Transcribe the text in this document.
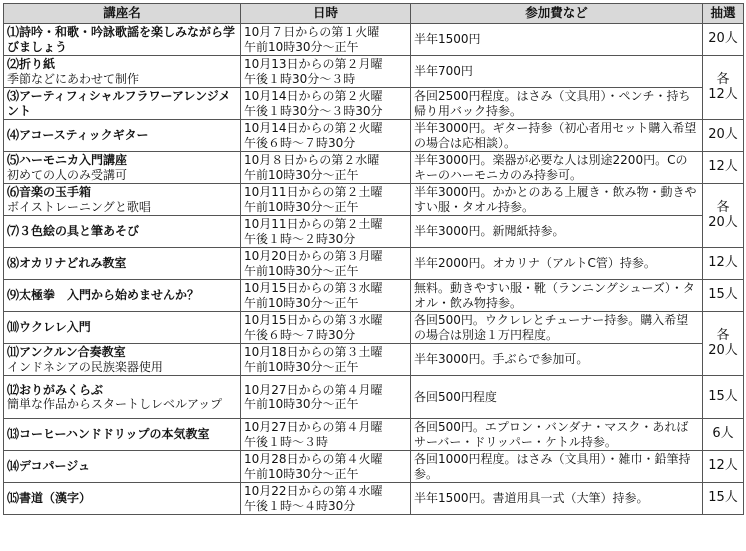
講座名	日時	参加費など	抽選

⑴詩吟・和歌・吟詠歌謡を楽しみながら学びましょう	10月７日からの第１火曜
午前10時30分～正午	半年1500円	20人

⑵折り紙
季節などにあわせて制作	10月13日からの第２月曜
午後１時30分～３時	半年700円	各
12人

⑶アーティフィシャルフラワーアレンジメント	10月14日からの第２火曜
午後１時30分～３時30分	各回2500円程度。はさみ（文具用）・ペンチ・持ち帰り用バック持参。	

⑷アコースティックギター	10月14日からの第２火曜
午後６時～７時30分	半年3000円。ギター持参（初心者用セット購入希望の場合は応相談）。	20人

⑸ハーモニカ入門講座
初めての人のみ受講可	10月８日からの第２水曜
午前10時30分～正午	半年3000円。楽器が必要な人は別途2200円。Cのキーのハーモニカのみ持参可。	12人

⑹音楽の玉手箱
ボイストレーニングと歌唱	10月11日からの第２土曜
午前10時30分～正午	半年3000円。かかとのある上履き・飲み物・動きやすい服・タオル持参。	各
20人

⑺３色絵の具と筆あそび	10月11日からの第２土曜
午後１時～２時30分	半年3000円。新聞紙持参。	

⑻オカリナどれみ教室	10月20日からの第３月曜
午前10時30分～正午	半年2000円。オカリナ（アルトC管）持参。	12人

⑼太極拳　入門から始めませんか？	10月15日からの第３水曜
午前10時30分～正午	無料。動きやすい服・靴（ランニングシューズ）・タオル・飲み物持参。	15人

⑽ウクレレ入門	10月15日からの第３水曜
午後６時～７時30分	各回500円。ウクレレとチューナー持参。購入希望の場合は別途１万円程度。	各
20人

⑾アンクルン合奏教室
インドネシアの民族楽器使用	10月18日からの第３土曜
午前10時30分～正午	半年3000円。手ぶらで参加可。	

⑿おりがみくらぶ
簡単な作品からスタートしレベルアップ	10月27日からの第４月曜
午前10時30分～正午	各回500円程度	15人

⒀コーヒーハンドドリップの本気教室	10月27日からの第４月曜
午後１時～３時	各回500円。エプロン・バンダナ・マスク・あればサーバー・ドリッパー・ケトル持参。	6人

⒁デコパージュ	10月28日からの第４火曜
午前10時30分～正午	各回1000円程度。はさみ（文具用）・雑巾・鉛筆持参。	12人

⒂書道（漢字）	10月22日からの第４水曜
午後１時～４時30分	半年1500円。書道用具一式（大筆）持参。	15人
